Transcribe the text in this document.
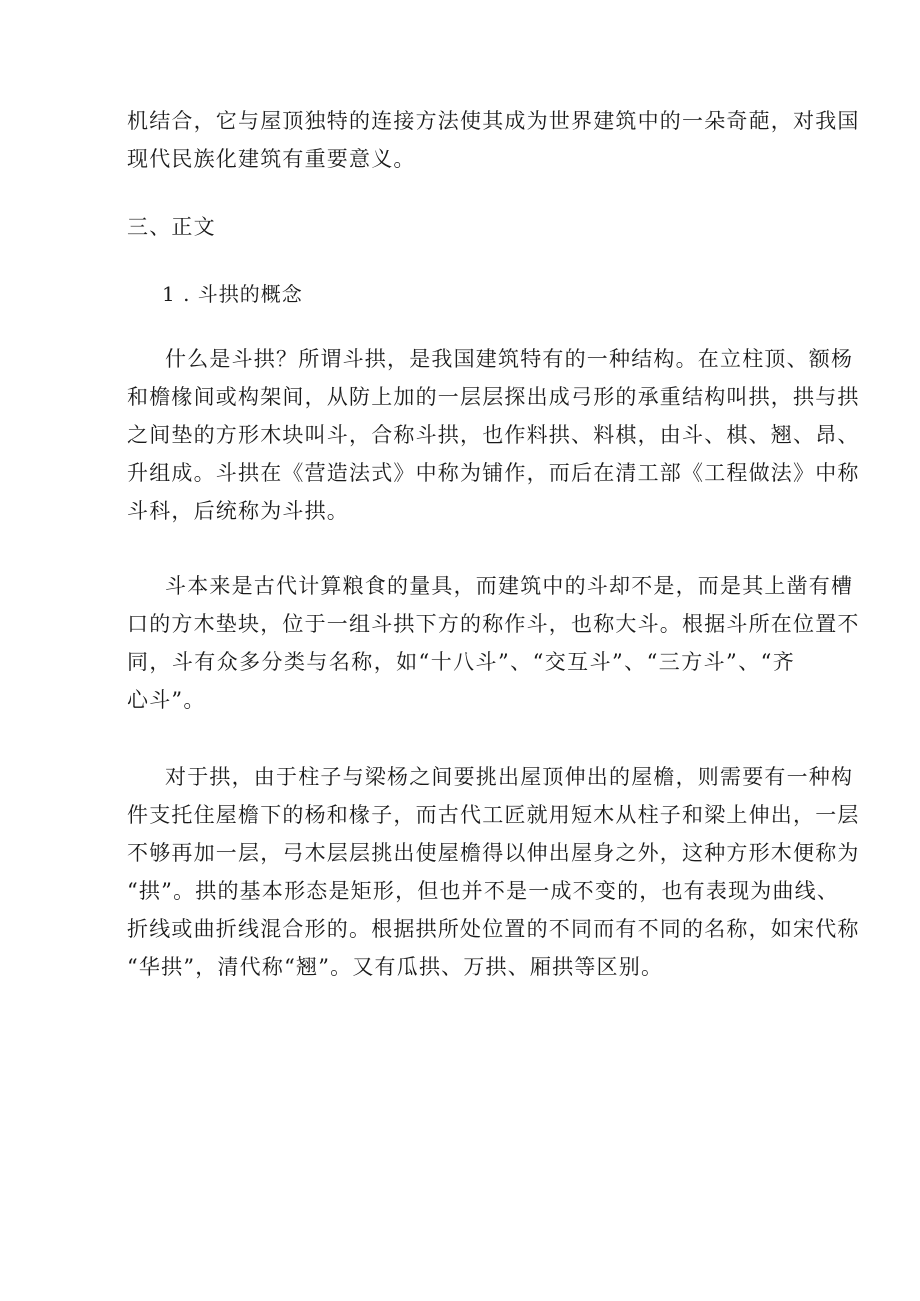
机结合，它与屋顶独特的连接方法使其成为世界建筑中的一朵奇葩，对我国
现代民族化建筑有重要意义。
三、正文
1 . 斗拱的概念
什么是斗拱？所谓斗拱，是我国建筑特有的一种结构。在立柱顶、额杨
和檐椽间或构架间，从防上加的一层层探出成弓形的承重结构叫拱，拱与拱
之间垫的方形木块叫斗，合称斗拱，也作料拱、料棋，由斗、棋、翘、昂、
升组成。斗拱在《营造法式》中称为铺作，而后在清工部《工程做法》中称
斗科，后统称为斗拱。
斗本来是古代计算粮食的量具，而建筑中的斗却不是，而是其上凿有槽
口的方木垫块，位于一组斗拱下方的称作斗，也称大斗。根据斗所在位置不
同，斗有众多分类与名称，如“十八斗”、“交互斗”、“三方斗”、“齐
心斗”。
对于拱，由于柱子与梁杨之间要挑出屋顶伸出的屋檐，则需要有一种构
件支托住屋檐下的杨和椽子，而古代工匠就用短木从柱子和梁上伸出，一层
不够再加一层，弓木层层挑出使屋檐得以伸出屋身之外，这种方形木便称为
“拱”。拱的基本形态是矩形，但也并不是一成不变的，也有表现为曲线、
折线或曲折线混合形的。根据拱所处位置的不同而有不同的名称，如宋代称
“华拱”，清代称“翘”。又有瓜拱、万拱、厢拱等区别。
